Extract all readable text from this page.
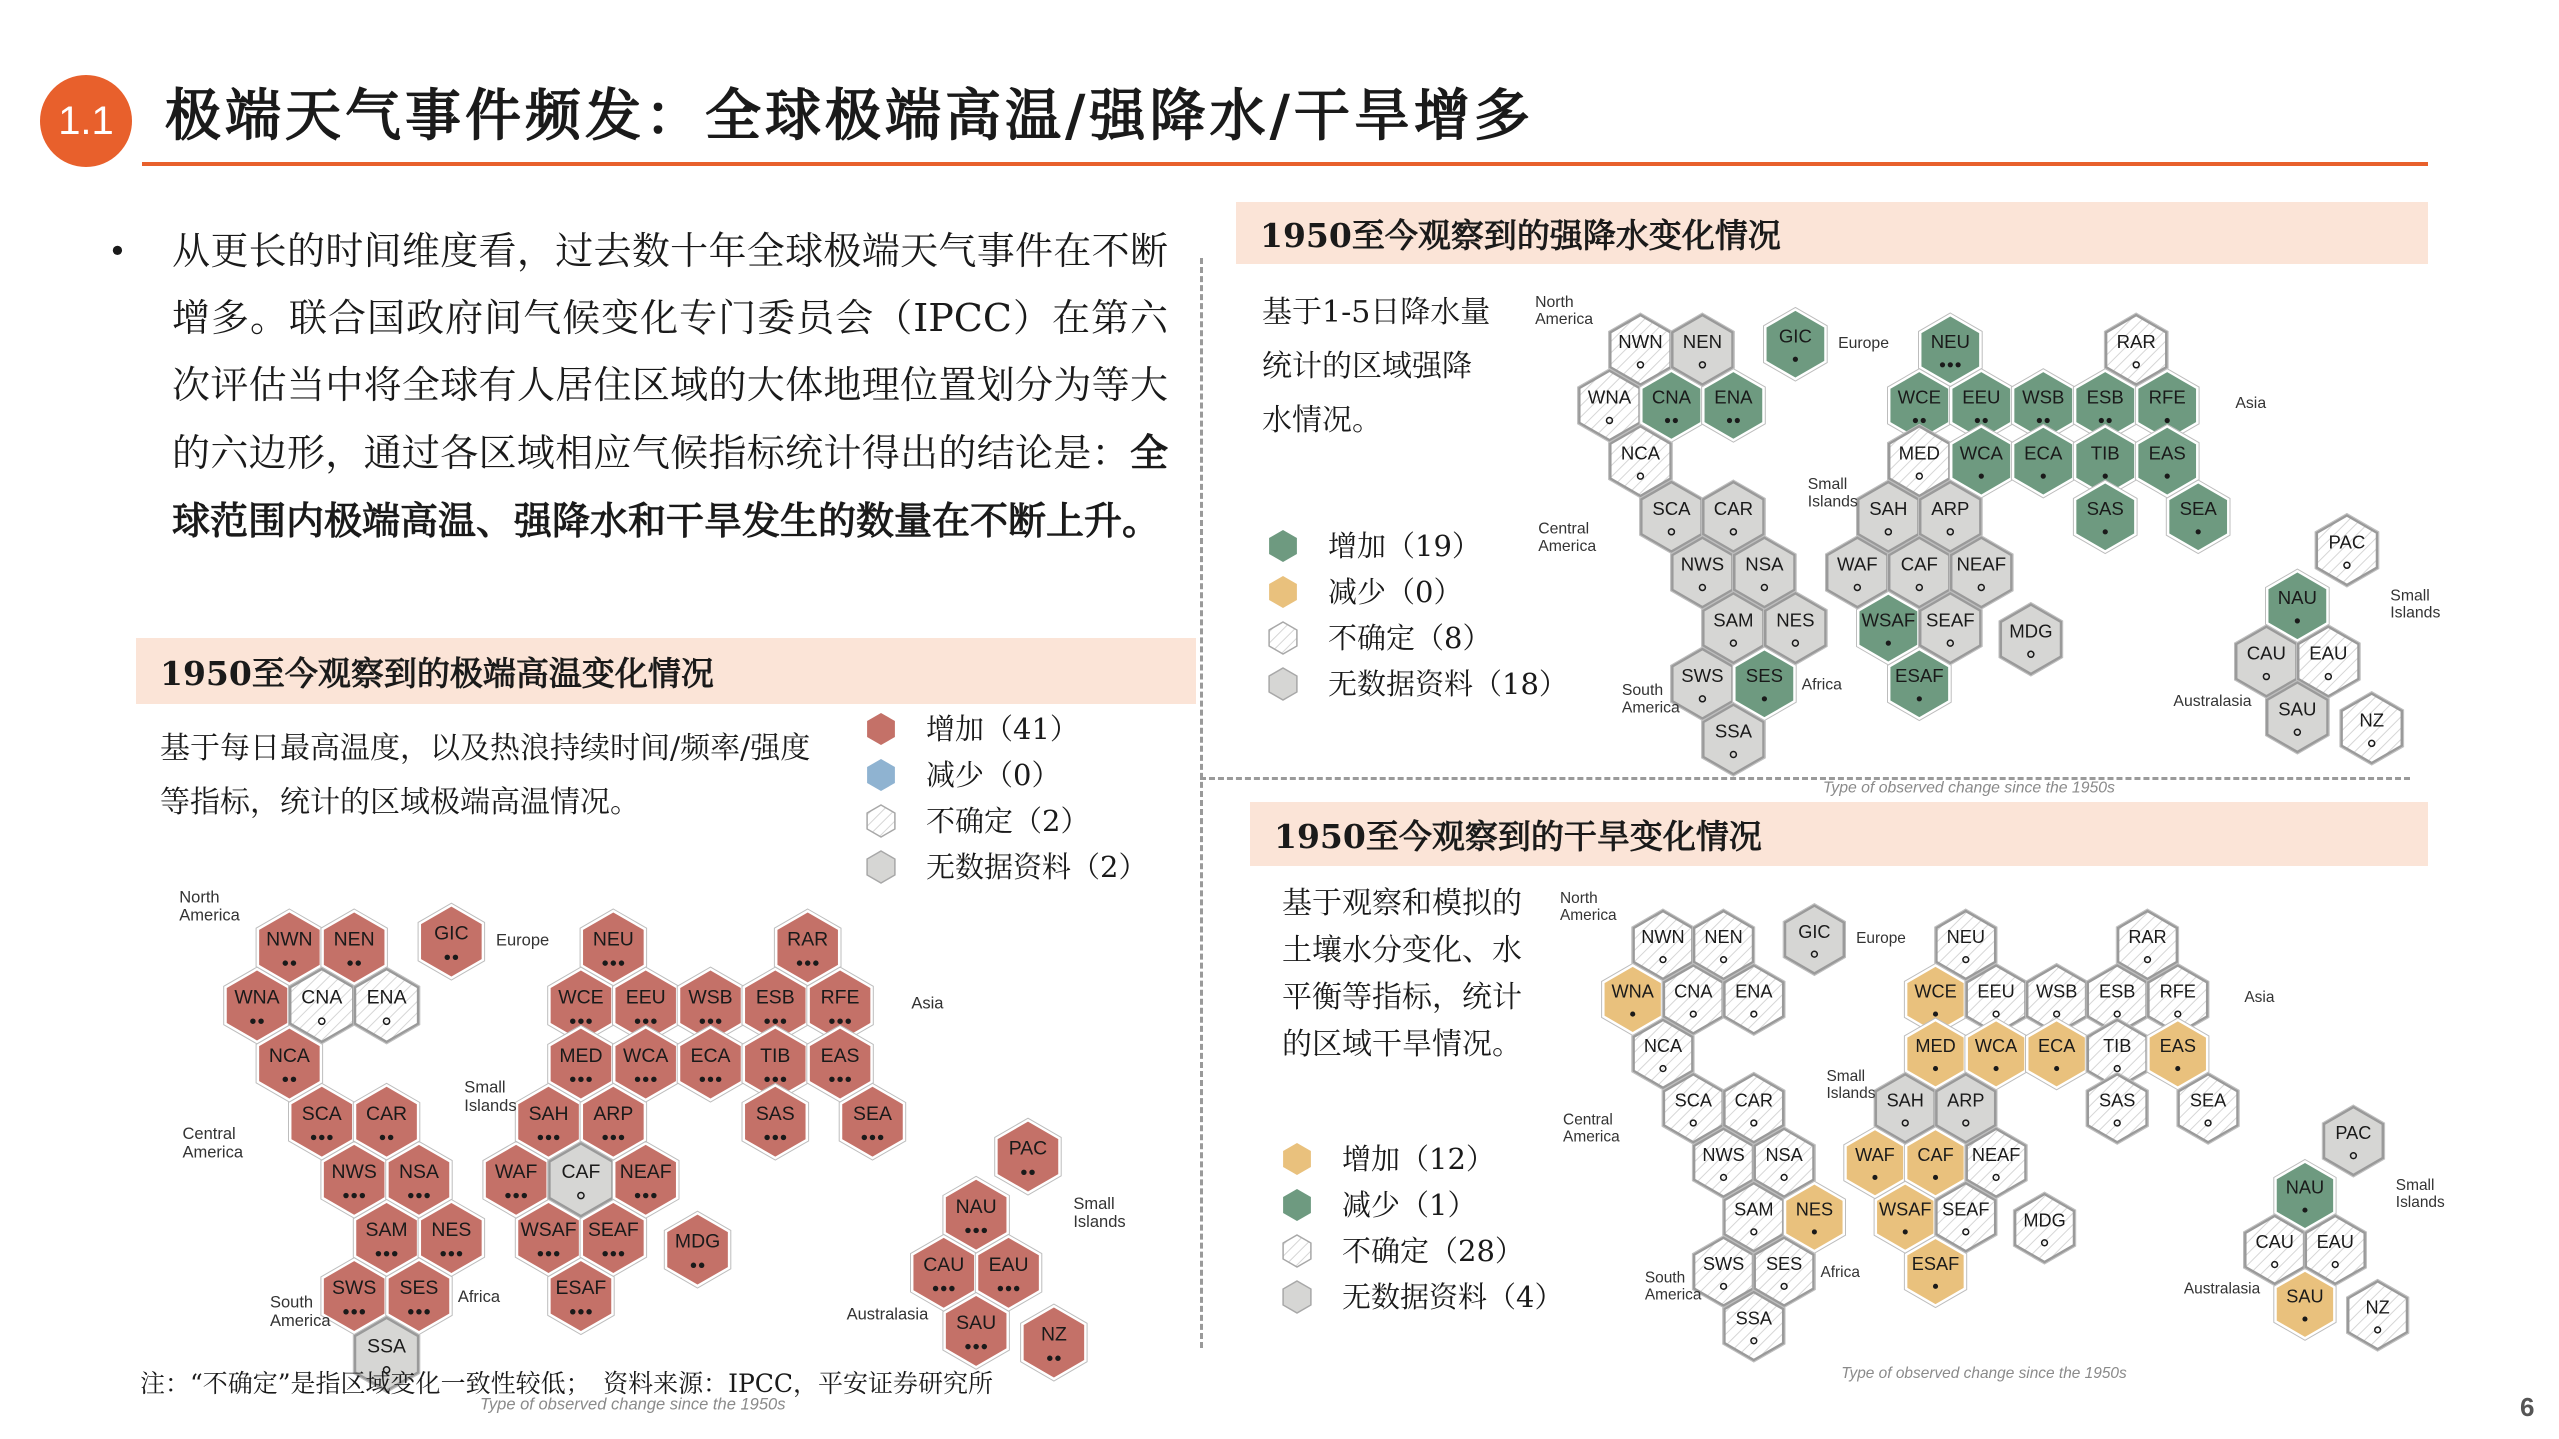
1.1 极端天气事件频发：全球极端高温/强降水/干旱增多
• 从更长的时间维度看，过去数十年全球极端天气事件在不断增多。联合国政府间气候变化专门委员会（IPCC）在第六次评估当中将全球有人居住区域的大体地理位置划分为等大的六边形，通过各区域相应气候指标统计得出的结论是：全球范围内极端高温、强降水和干旱发生的数量在不断上升。
1950至今观察到的极端高温变化情况
基于每日最高温度，以及热浪持续时间/频率/强度等指标，统计的区域极端高温情况。
增加（41）
减少（0）
不确定（2）
无数据资料（2）
GIC
NWN NEN
WNA CNA ENA
NCA
SCA CAR
NWS NSA
SAM NES
SWS SES
SSA
NEU	RAR
WCE EEU WSB ESB RFE
MED WCA ECA TIB EAS
SAH ARP	SAS	SEA
WAF CAF NEAF
WSAF SEAF
MDG
ESAF
PAC
NAU
CAU EAU
SAU
NZ
North America
Europe
Small Islands
Central America
South America
Asia
Africa
Australasia
Small Islands
Type of observed change since the 1950s
1950至今观察到的强降水变化情况
基于1-5日降水量统计的区域强降水情况。
增加（19）
减少（0）
不确定（8）
无数据资料（18）
GIC
NWN NEN
WNA CNA ENA
NCA
SCA CAR
NWS NSA
SAM NES
SWS SES
SSA
NEU	RAR
WCE EEU WSB ESB RFE
MED WCA ECA TIB EAS
SAH ARP	SAS	SEA
WAF CAF NEAF
WSAF SEAF
MDG
ESAF
PAC
NAU
CAU EAU
SAU
NZ
North America
Europe
Small Islands
Central America
South America
Asia
Africa
Australasia
Small Islands
Type of observed change since the 1950s
1950至今观察到的干旱变化情况
基于观察和模拟的土壤水分变化、水平衡等指标，统计的区域干旱情况。
增加（12）
减少（1）
不确定（28）
无数据资料（4）
GIC
NWN NEN
WNA CNA ENA
NCA
SCA CAR
NWS NSA
SAM NES
SWS SES
SSA
NEU	RAR
WCE EEU WSB ESB RFE
MED WCA ECA TIB EAS
SAH ARP	SAS	SEA
WAF CAF NEAF
WSAF SEAF
MDG
ESAF
PAC
NAU
CAU EAU
SAU
NZ
North America
Europe
Small Islands
Central America
South America
Asia
Africa
Australasia
Small Islands
Type of observed change since the 1950s
注：“不确定”是指区域变化一致性较低；　资料来源：IPCC，平安证券研究所
6
